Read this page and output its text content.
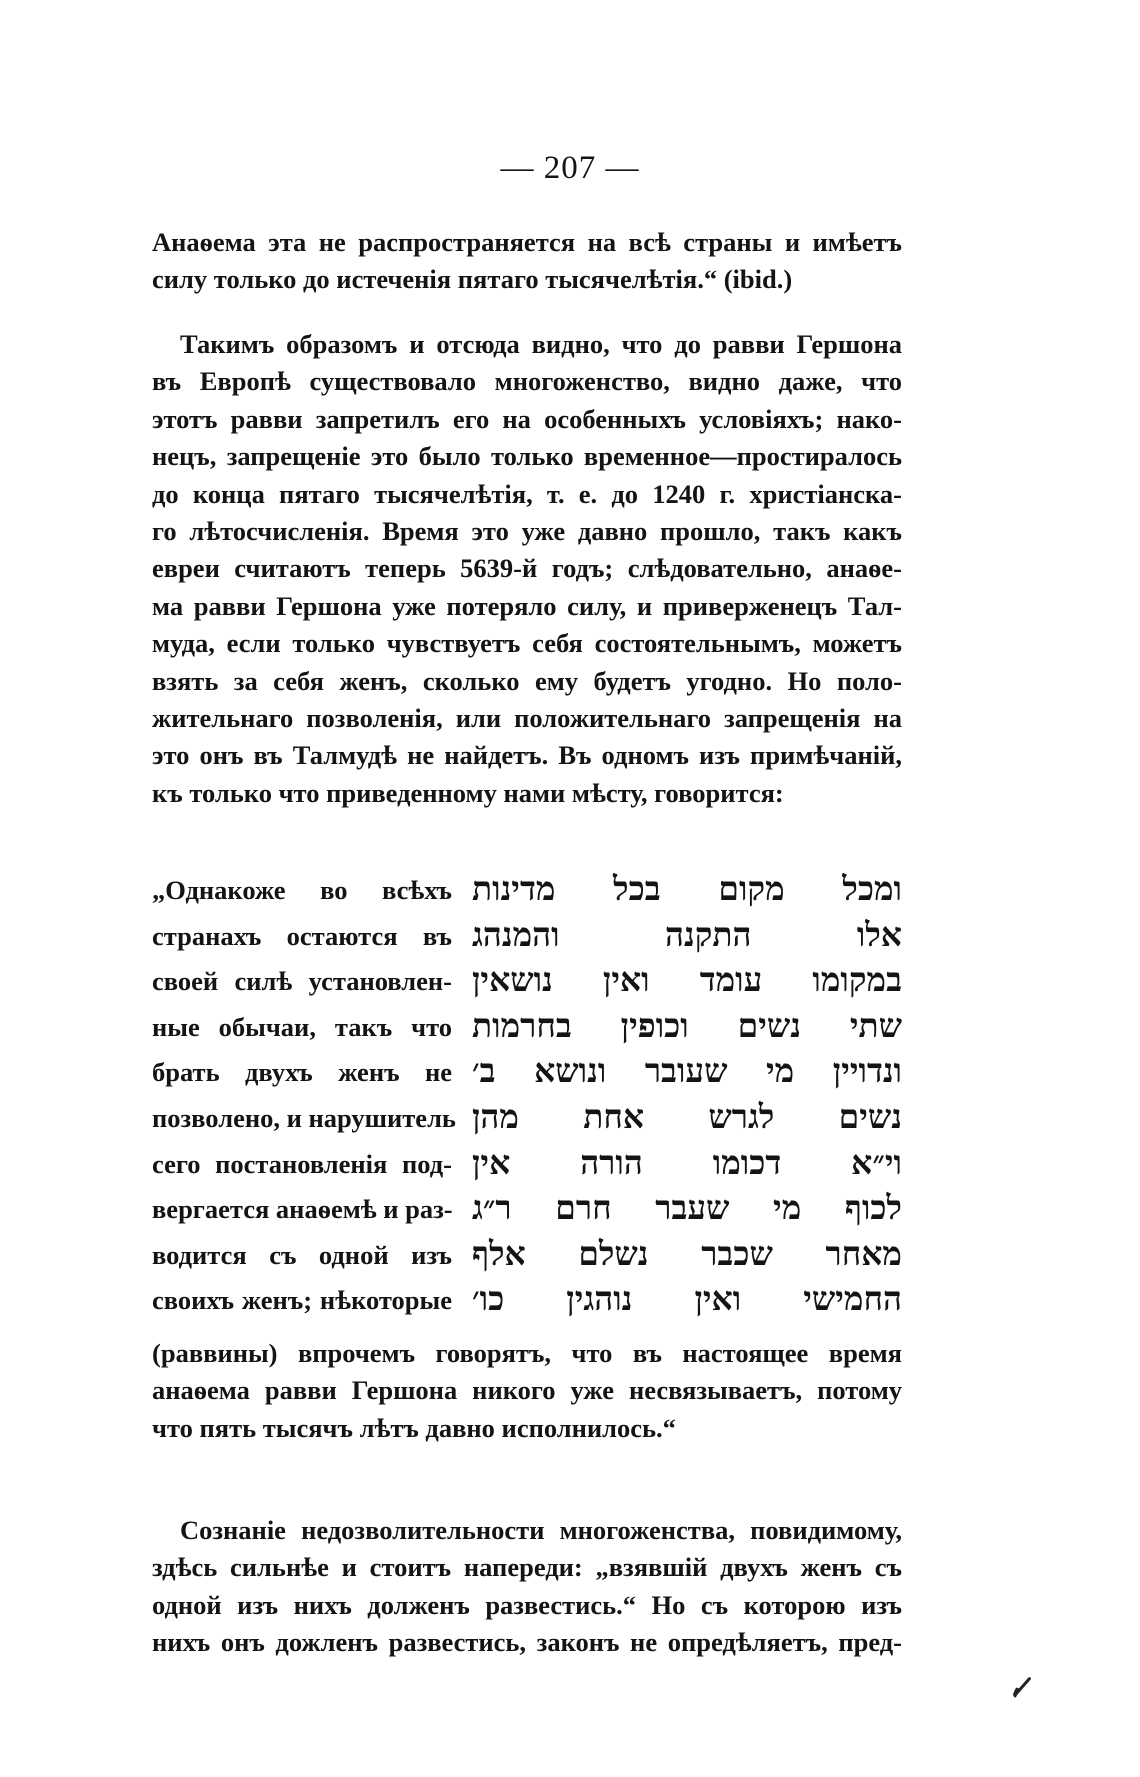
— 207 —
Анаѳема эта не распространяется на всѣ страны и имѣетъ
силу только до истеченія пятаго тысячелѣтія.“ (ibid.)
Такимъ образомъ и отсюда видно, что до равви Гершона
въ Европѣ существовало многоженство, видно даже, что
этотъ равви запретилъ его на особенныхъ условіяхъ; нако-
нецъ, запрещеніе это было только временное—простиралось
до конца пятаго тысячелѣтія, т. е. до 1240 г. христіанска-
го лѣтосчисленія. Время это уже давно прошло, такъ какъ
евреи считаютъ теперь 5639-й годъ; слѣдовательно, анаѳе-
ма равви Гершона уже потеряло силу, и приверженецъ Тал-
муда, если только чувствуетъ себя состоятельнымъ, можетъ
взять за себя женъ, сколько ему будетъ угодно. Но поло-
жительнаго позволенія, или положительнаго запрещенія на
это онъ въ Талмудѣ не найдетъ. Въ одномъ изъ примѣчаній,
къ только что приведенному нами мѣсту, говорится:
„Однакоже во всѣхъ
странахъ остаются въ
своей силѣ установлен-
ные обычаи, такъ что
брать двухъ женъ не
позволено, и нарушитель
сего постановленія под-
вергается анаѳемѣ и раз-
водится съ одной изъ
своихъ женъ; нѣкоторые
ומכל מקום בכל מדינות
אלו התקנה והמנהג
במקומו עומד ואין נושאין
שתי נשים וכופין בחרמות
ונדויין מי שעובר ונושא ב׳
נשים לגרש אחת מהן
וי״א דכומו הורה אין
לכוף מי שעבר חרם ר״ג
מאחר שכבר נשלם אלף
החמישי ואין נוהגין כו׳
(раввины) впрочемъ говорятъ, что въ настоящее время
анаѳема равви Гершона никого уже несвязываетъ, потому
что пять тысячъ лѣтъ давно исполнилось.“
Сознаніе недозволительности многоженства, повидимому,
здѣсь сильнѣе и стоитъ напереди: „взявшій двухъ женъ съ
одной изъ нихъ долженъ развестись.“ Но съ которою изъ
нихъ онъ дожленъ развестись, законъ не опредѣляетъ, пред-
